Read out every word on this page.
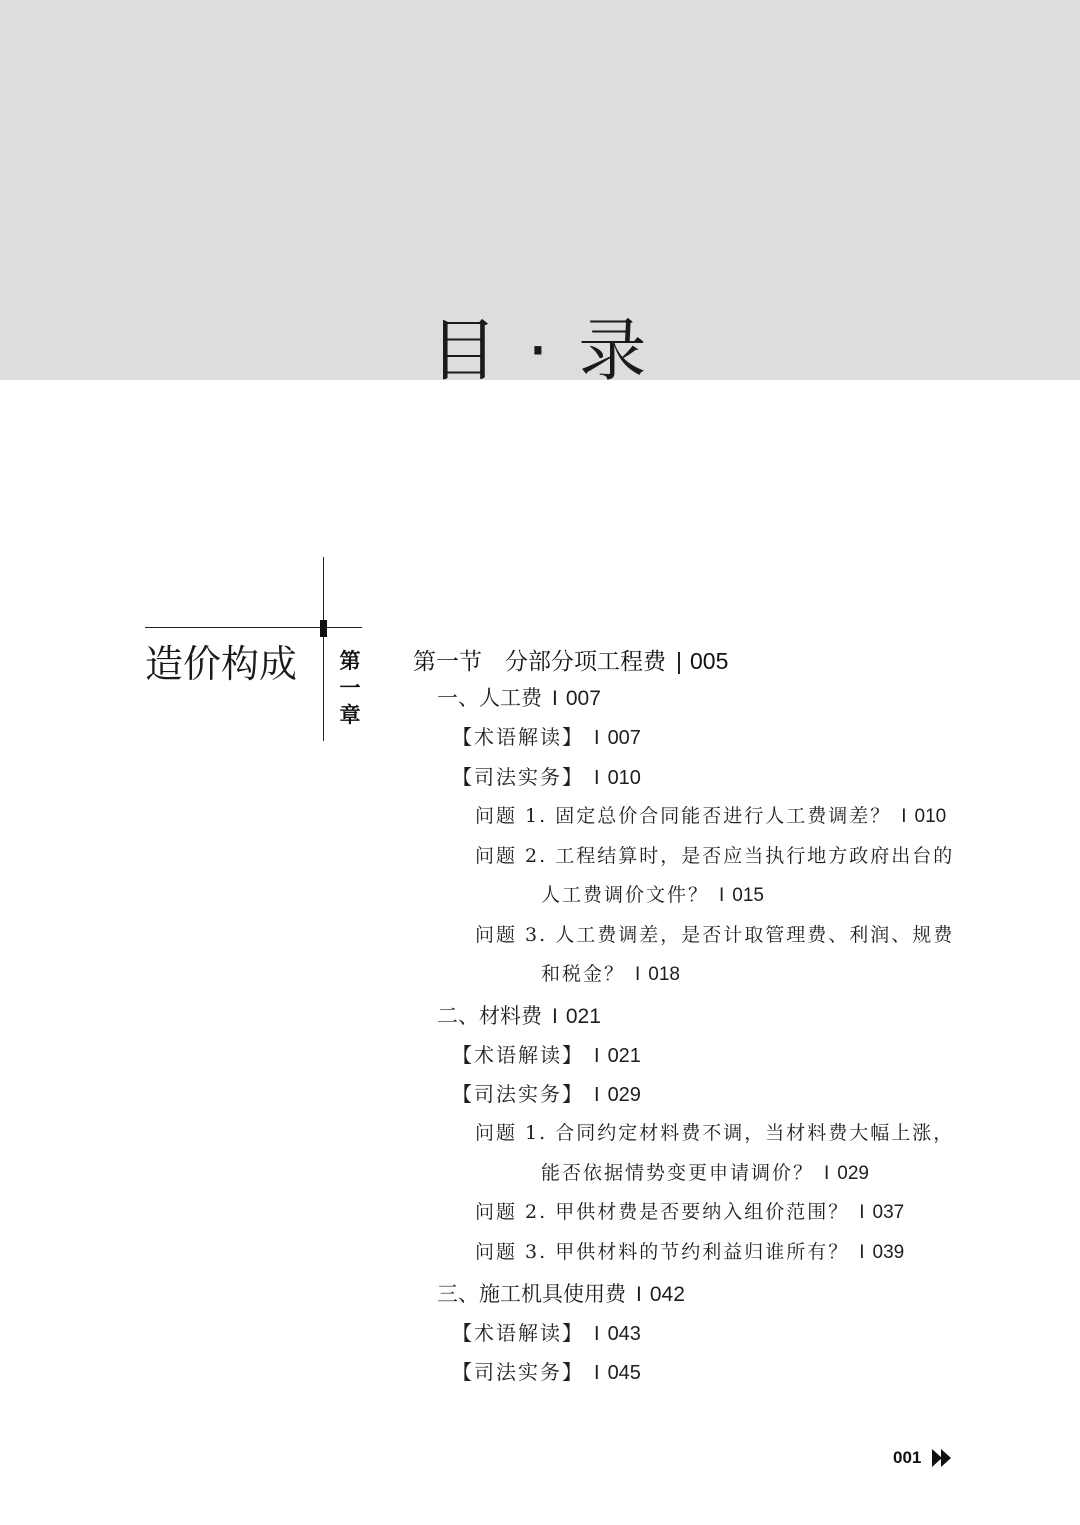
目 · 录
造价构成 第
一
章
第一节　分部分项工程费 | 005
一、人工费 I 007
【术语解读】 I 007
【司法实务】 I 010
问题 1. 固定总价合同能否进行人工费调差？ I 010
问题 2. 工程结算时，是否应当执行地方政府出台的
人工费调价文件？ I 015
问题 3. 人工费调差，是否计取管理费、利润、规费
和税金？ I 018
二、材料费 I 021
【术语解读】 I 021
【司法实务】 I 029
问题 1. 合同约定材料费不调，当材料费大幅上涨，
能否依据情势变更申请调价？ I 029
问题 2. 甲供材费是否要纳入组价范围？ I 037
问题 3. 甲供材料的节约利益归谁所有？ I 039
三、施工机具使用费 I 042
【术语解读】 I 043
【司法实务】 I 045
001
